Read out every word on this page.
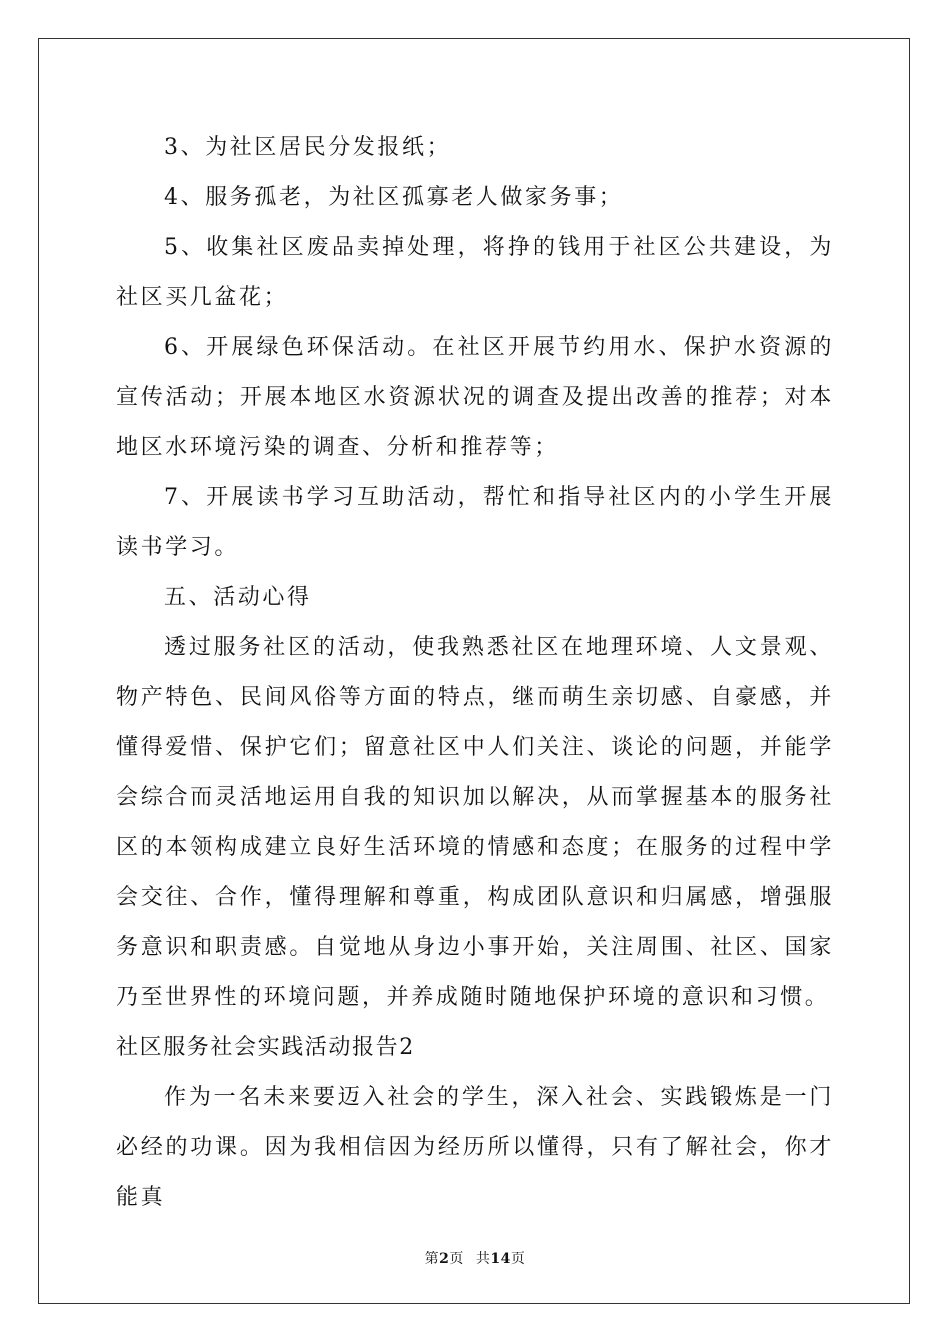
3、为社区居民分发报纸；

4、服务孤老，为社区孤寡老人做家务事；

5、收集社区废品卖掉处理，将挣的钱用于社区公共建设，为社区买几盆花；

6、开展绿色环保活动。在社区开展节约用水、保护水资源的宣传活动；开展本地区水资源状况的调查及提出改善的推荐；对本地区水环境污染的调查、分析和推荐等；

7、开展读书学习互助活动，帮忙和指导社区内的小学生开展读书学习。

五、活动心得

透过服务社区的活动，使我熟悉社区在地理环境、人文景观、物产特色、民间风俗等方面的特点，继而萌生亲切感、自豪感，并懂得爱惜、保护它们；留意社区中人们关注、谈论的问题，并能学会综合而灵活地运用自我的知识加以解决，从而掌握基本的服务社区的本领构成建立良好生活环境的情感和态度；在服务的过程中学会交往、合作，懂得理解和尊重，构成团队意识和归属感，增强服务意识和职责感。自觉地从身边小事开始，关注周围、社区、国家乃至世界性的环境问题，并养成随时随地保护环境的意识和习惯。

社区服务社会实践活动报告2

作为一名未来要迈入社会的学生，深入社会、实践锻炼是一门必经的功课。因为我相信因为经历所以懂得，只有了解社会，你才能真

第2页 共14页
